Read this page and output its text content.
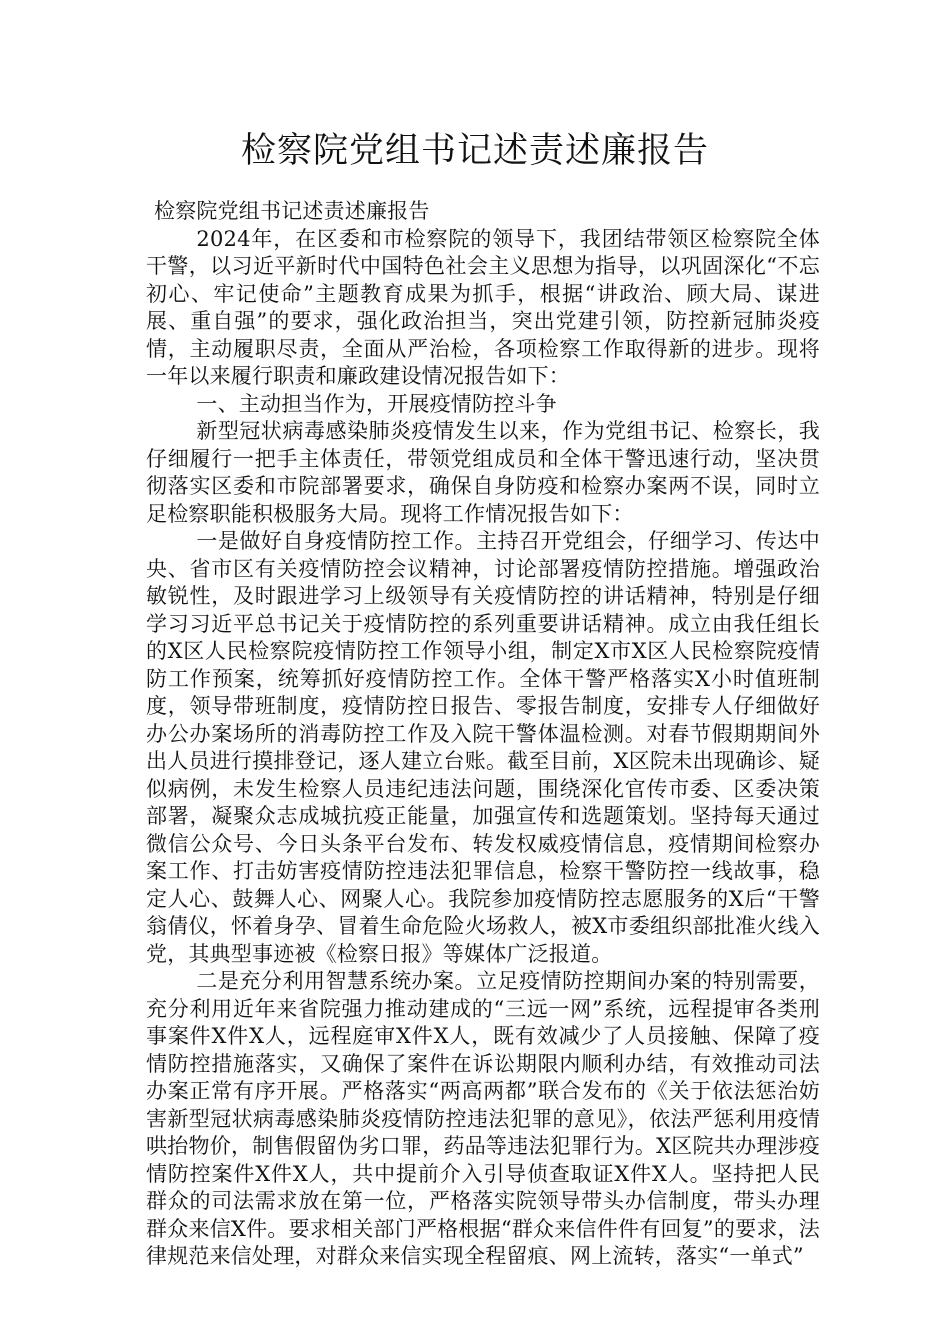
检察院党组书记述责述廉报告

检察院党组书记述责述廉报告

2024年，在区委和市检察院的领导下，我团结带领区检察院全体干警，以习近平新时代中国特色社会主义思想为指导，以巩固深化“不忘初心、牢记使命”主题教育成果为抓手，根据“讲政治、顾大局、谋进展、重自强”的要求，强化政治担当，突出党建引领，防控新冠肺炎疫情，主动履职尽责，全面从严治检，各项检察工作取得新的进步。现将一年以来履行职责和廉政建设情况报告如下：

一、主动担当作为，开展疫情防控斗争

新型冠状病毒感染肺炎疫情发生以来，作为党组书记、检察长，我仔细履行一把手主体责任，带领党组成员和全体干警迅速行动，坚决贯彻落实区委和市院部署要求，确保自身防疫和检察办案两不误，同时立足检察职能积极服务大局。现将工作情况报告如下：

一是做好自身疫情防控工作。主持召开党组会，仔细学习、传达中央、省市区有关疫情防控会议精神，讨论部署疫情防控措施。增强政治敏锐性，及时跟进学习上级领导有关疫情防控的讲话精神，特别是仔细学习习近平总书记关于疫情防控的系列重要讲话精神。成立由我任组长的X区人民检察院疫情防控工作领导小组，制定X市X区人民检察院疫情防工作预案，统筹抓好疫情防控工作。全体干警严格落实X小时值班制度，领导带班制度，疫情防控日报告、零报告制度，安排专人仔细做好办公办案场所的消毒防控工作及入院干警体温检测。对春节假期期间外出人员进行摸排登记，逐人建立台账。截至目前，X区院未出现确诊、疑似病例，未发生检察人员违纪违法问题，围绕深化官传市委、区委决策部署，凝聚众志成城抗疫正能量，加强宣传和选题策划。坚持每天通过微信公众号、今日头条平台发布、转发权威疫情信息，疫情期间检察办案工作、打击妨害疫情防控违法犯罪信息，检察干警防控一线故事，稳定人心、鼓舞人心、网聚人心。我院参加疫情防控志愿服务的X后“干警翁倩仪，怀着身孕、冒着生命危险火场救人，被X市委组织部批准火线入党，其典型事迹被《检察日报》等媒体广泛报道。

二是充分利用智慧系统办案。立足疫情防控期间办案的特别需要，充分利用近年来省院强力推动建成的“三远一网”系统，远程提审各类刑事案件X件X人，远程庭审X件X人，既有效减少了人员接触、保障了疫情防控措施落实，又确保了案件在诉讼期限内顺利办结，有效推动司法办案正常有序开展。严格落实“两高两都”联合发布的《关于依法惩治妨害新型冠状病毒感染肺炎疫情防控违法犯罪的意见》，依法严惩利用疫情哄抬物价，制售假留伪劣口罪，药品等违法犯罪行为。X区院共办理涉疫情防控案件X件X人，共中提前介入引导侦查取证X件X人。坚持把人民群众的司法需求放在第一位，严格落实院领导带头办信制度，带头办理群众来信X件。要求相关部门严格根据“群众来信件件有回复”的要求，法律规范来信处理，对群众来信实现全程留痕、网上流转，落实“一单式”
